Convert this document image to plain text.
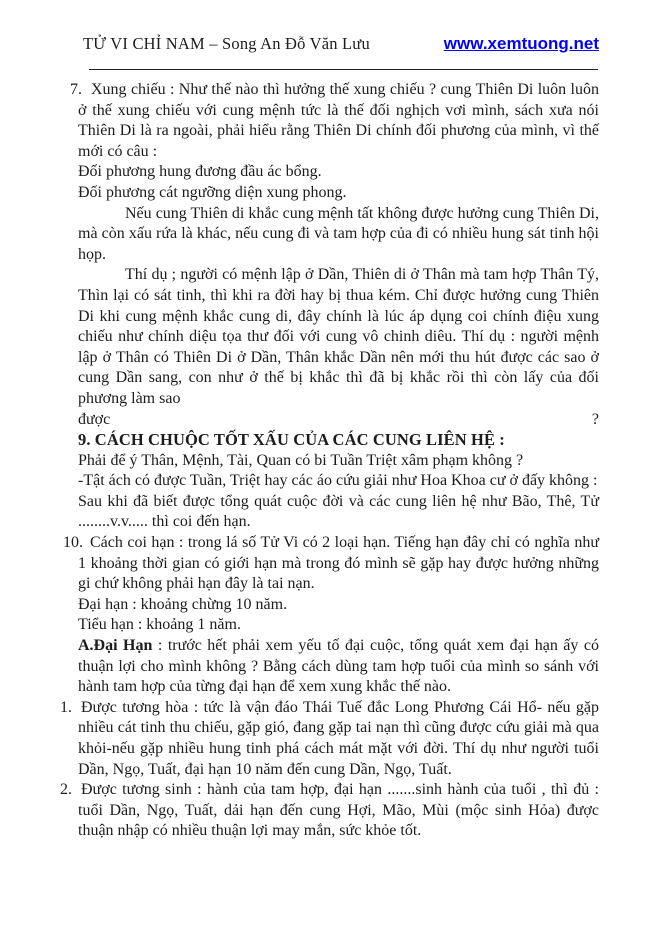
TỬ VI CHỈ NAM – Song An Đỗ Văn Lưu	www.xemtuong.net

7. Xung chiếu : Như thế nào thì hưởng thế xung chiếu ? cung Thiên Di luôn luôn ở thế xung chiếu với cung mệnh tức là thế đối nghịch vơi mình, sách xưa nói Thiên Di là ra ngoài, phải hiểu rằng Thiên Di chính đối phương của mình, vì thế mới có câu :

Đối phương hung đương đầu ác bổng.

Đối phương cát ngưỡng diện xung phong.

Nếu cung Thiên di khắc cung mệnh tất không được hưởng cung Thiên Di, mà còn xấu rứa là khác, nếu cung đi và tam hợp của đi có nhiều hung sát tinh hội họp.

Thí dụ ; người có mệnh lập ở Dần, Thiên di ở Thân mà tam hợp Thân Tý, Thìn lại có sát tinh, thì khi ra đời hay bị thua kém. Chỉ được hưởng cung Thiên Di khi cung mệnh khắc cung di, đây chính là lúc áp dụng coi chính điệu xung chiếu như chính diệu tọa thư đối với cung vô chinh diêu. Thí dụ : người mệnh lập ở Thân có Thiên Di ở Dần, Thân khắc Dần nên mới thu hút được các sao ở cung Dần sang, con như ở thế bị khắc thì đã bị khắc rồi thì còn lấy của đối phương làm sao

được	?

9. CÁCH CHUỘC TỐT XẤU CỦA CÁC CUNG LIÊN HỆ :

Phải để ý Thân, Mệnh, Tài, Quan có bi Tuần Triệt xâm phạm không ?

-Tật ách có được Tuần, Triệt hay các áo cứu giải như Hoa Khoa cư ở đấy không :

Sau khi đã biết được tổng quát cuộc đời và các cung liên hệ như Bão, Thê, Tử ........v.v..... thì coi đến hạn.

10. Cách coi hạn : trong lá số Tử Vi có 2 loại hạn. Tiếng hạn đây chỉ có nghĩa như 1 khoảng thời gian có giới hạn mà trong đó mình sẽ gặp hay được hưởng những gi chứ không phải hạn đây là tai nạn.

Đại hạn : khoảng chừng 10 năm.

Tiểu hạn : khoảng 1 năm.

A.Đại Hạn : trước hết phải xem yếu tố đại cuộc, tổng quát xem đại hạn ấy có thuận lợi cho mình không ? Bằng cách dùng tam hợp tuổi của mình so sánh với hành tam hợp của từng đại hạn để xem xung khắc thế nào.

1. Được tương hòa : tức là vận đáo Thái Tuế đắc Long Phương Cái Hổ- nếu gặp nhiều cát tinh thu chiếu, gặp gió, đang gặp tai nạn thì cũng được cứu giải mà qua khỏi-nếu gặp nhiều hung tinh phá cách mát mặt với đời. Thí dụ như người tuổi Dần, Ngọ, Tuất, đại hạn 10 năm đến cung Dần, Ngọ, Tuất.

2. Được tương sinh : hành của tam hợp, đại hạn .......sinh hành của tuổi , thì đủ : tuổi Dần, Ngọ, Tuất, dải hạn đến cung Hợi, Mão, Mùi (mộc sinh Hỏa) được thuận nhập có nhiều thuận lợi may mắn, sức khỏe tốt.
